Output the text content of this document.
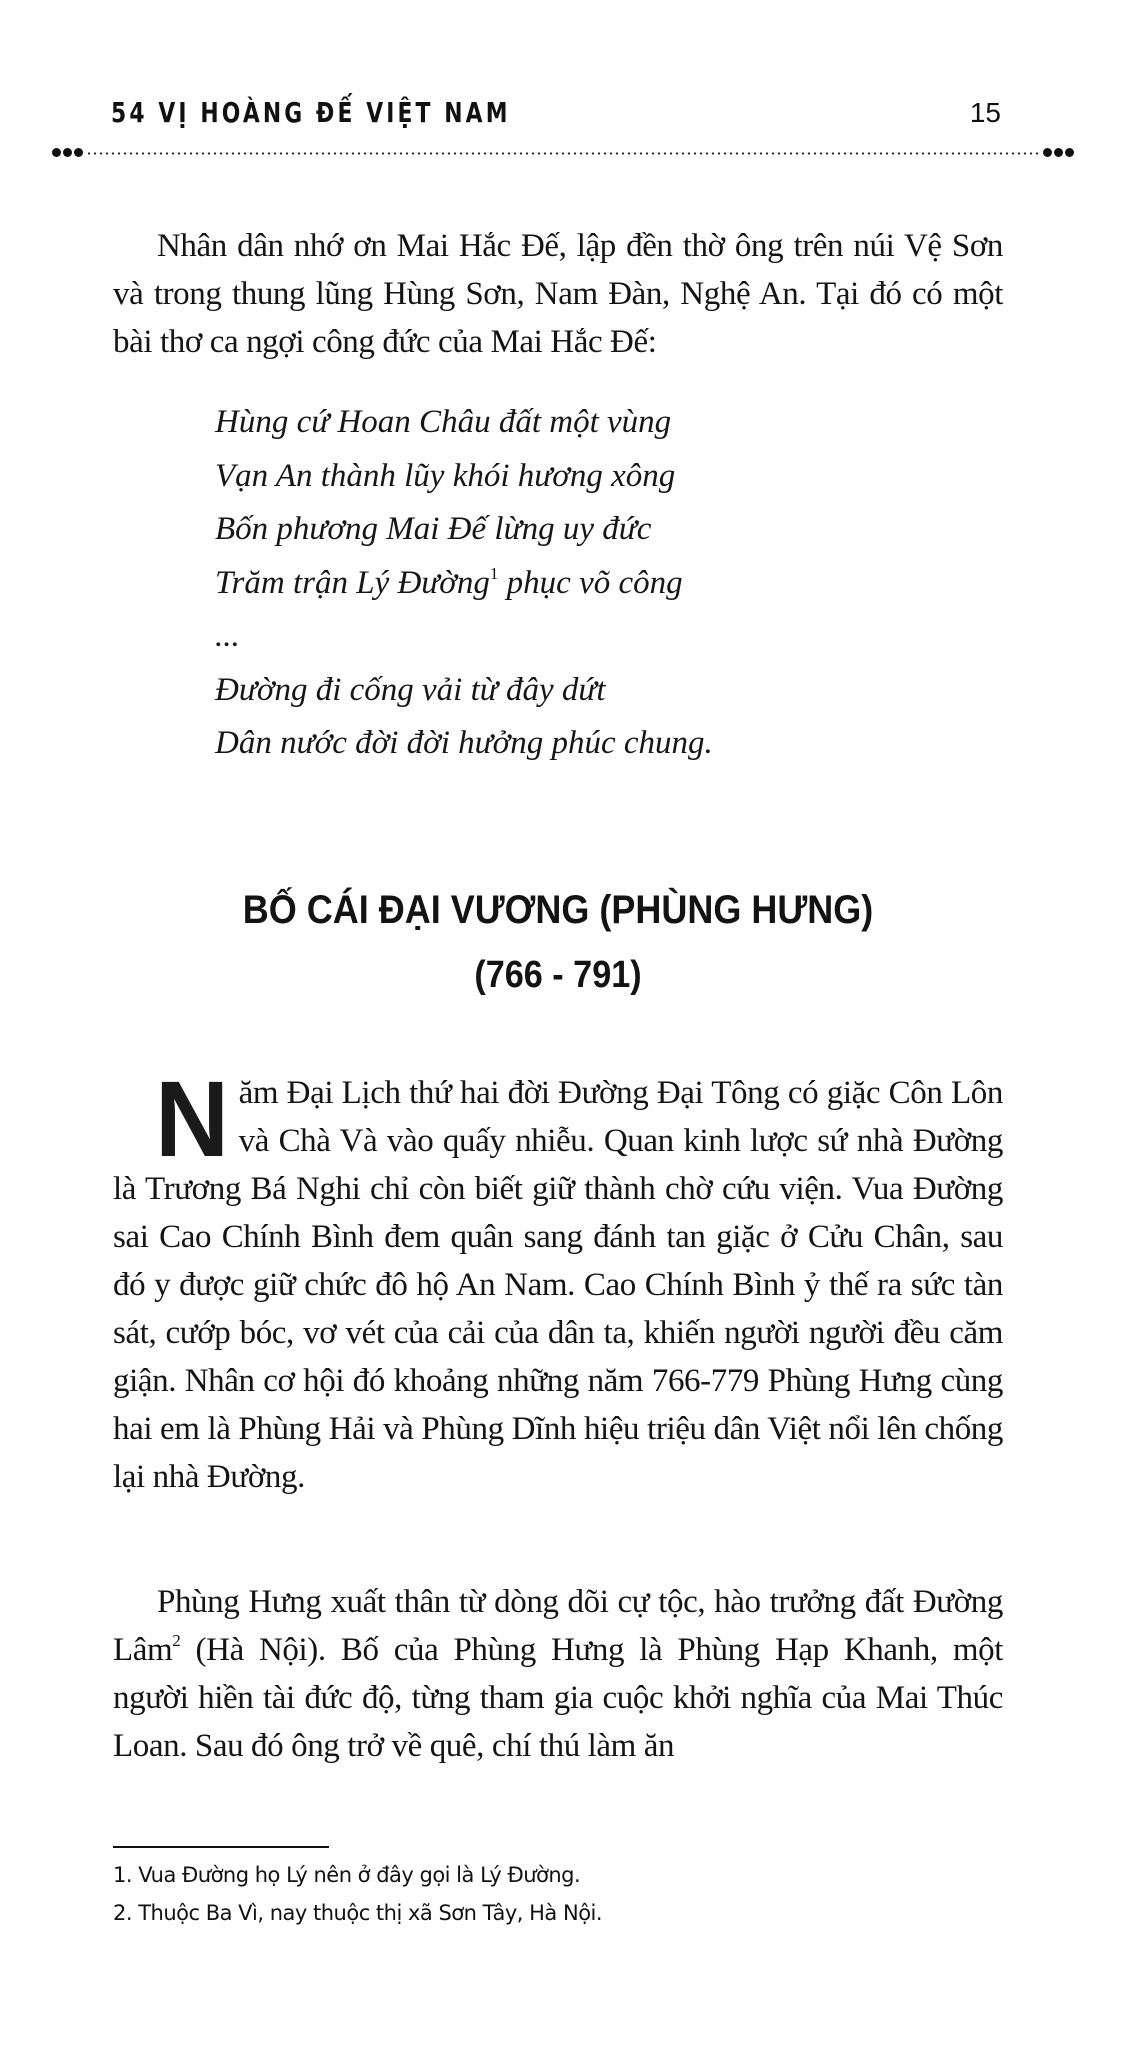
54 VỊ HOÀNG ĐẾ VIỆT NAM	15

Nhân dân nhớ ơn Mai Hắc Đế, lập đền thờ ông trên núi Vệ Sơn và trong thung lũng Hùng Sơn, Nam Đàn, Nghệ An. Tại đó có một bài thơ ca ngợi công đức của Mai Hắc Đế:

Hùng cứ Hoan Châu đất một vùng
Vạn An thành lũy khói hương xông
Bốn phương Mai Đế lừng uy đức
Trăm trận Lý Đường$^1$ phục võ công
...
Đường đi cống vải từ đây dứt
Dân nước đời đời hưởng phúc chung.
BỐ CÁI ĐẠI VƯƠNG (PHÙNG HƯNG)
(766 - 791)
Năm Đại Lịch thứ hai đời Đường Đại Tông có giặc Côn Lôn và Chà Và vào quấy nhiễu. Quan kinh lược sứ nhà Đường là Trương Bá Nghi chỉ còn biết giữ thành chờ cứu viện. Vua Đường sai Cao Chính Bình đem quân sang đánh tan giặc ở Cửu Chân, sau đó y được giữ chức đô hộ An Nam. Cao Chính Bình ỷ thế ra sức tàn sát, cướp bóc, vơ vét của cải của dân ta, khiến người người đều căm giận. Nhân cơ hội đó khoảng những năm 766-779 Phùng Hưng cùng hai em là Phùng Hải và Phùng Dĩnh hiệu triệu dân Việt nổi lên chống lại nhà Đường.

Phùng Hưng xuất thân từ dòng dõi cự tộc, hào trưởng đất Đường Lâm$^2$ (Hà Nội). Bố của Phùng Hưng là Phùng Hạp Khanh, một người hiền tài đức độ, từng tham gia cuộc khởi nghĩa của Mai Thúc Loan. Sau đó ông trở về quê, chí thú làm ăn

1. Vua Đường họ Lý nên ở đây gọi là Lý Đường.
2. Thuộc Ba Vì, nay thuộc thị xã Sơn Tây, Hà Nội.
